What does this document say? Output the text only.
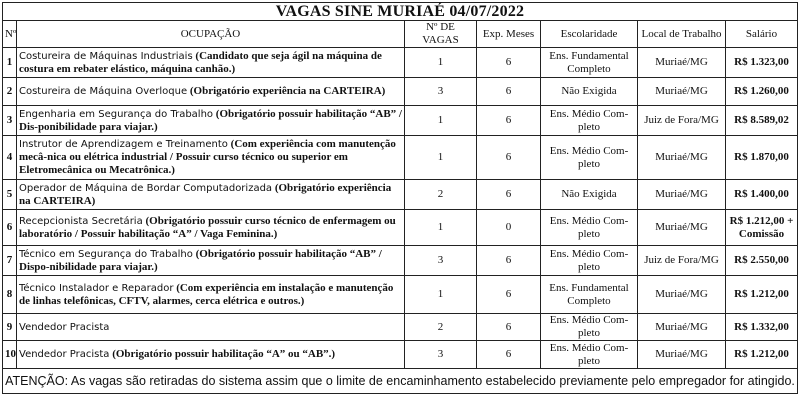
VAGAS SINE MURIAÉ 04/07/2022						
Nº	OCUPAÇÃO	Nº DE VAGAS	Exp. Meses	Escolaridade	Local de Trabalho	Salário
1	Costureira de Máquinas Industriais (Candidato que seja ágil na máquina de costura em rebater elástico, máquina canhão.)	1	6	Ens. Fundamental Completo	Muriaé/MG	R$ 1.323,00
2	Costureira de Máquina Overloque (Obrigatório experiência na CARTEIRA)	3	6	Não Exigida	Muriaé/MG	R$ 1.260,00
3	Engenharia em Segurança do Trabalho (Obrigatório possuir habilitação “AB” / Dis-ponibilidade para viajar.)	1	6	Ens. Médio Com-pleto	Juiz de Fora/MG	R$ 8.589,02
4	Instrutor de Aprendizagem e Treinamento (Com experiência com manutenção mecâ-nica ou elétrica industrial / Possuir curso técnico ou superior em Eletromecânica ou Mecatrônica.)	1	6	Ens. Médio Com-pleto	Muriaé/MG	R$ 1.870,00
5	Operador de Máquina de Bordar Computadorizada (Obrigatório experiência na CARTEIRA)	2	6	Não Exigida	Muriaé/MG	R$ 1.400,00
6	Recepcionista Secretária (Obrigatório possuir curso técnico de enfermagem ou laboratório / Possuir habilitação “A” / Vaga Feminina.)	1	0	Ens. Médio Com-pleto	Muriaé/MG	R$ 1.212,00 + Comissão
7	Técnico em Segurança do Trabalho (Obrigatório possuir habilitação “AB” / Dispo-nibilidade para viajar.)	3	6	Ens. Médio Com-pleto	Juiz de Fora/MG	R$ 2.550,00
8	Técnico Instalador e Reparador (Com experiência em instalação e manutenção de linhas telefônicas, CFTV, alarmes, cerca elétrica e outros.)	1	6	Ens. Fundamental Completo	Muriaé/MG	R$ 1.212,00
9	Vendedor Pracista	2	6	Ens. Médio Com-pleto	Muriaé/MG	R$ 1.332,00
10	Vendedor Pracista (Obrigatório possuir habilitação “A” ou “AB”.)	3	6	Ens. Médio Com-pleto	Muriaé/MG	R$ 1.212,00
ATENÇÃO: As vagas são retiradas do sistema assim que o limite de encaminhamento estabelecido previamente pelo empregador for atingido.						
